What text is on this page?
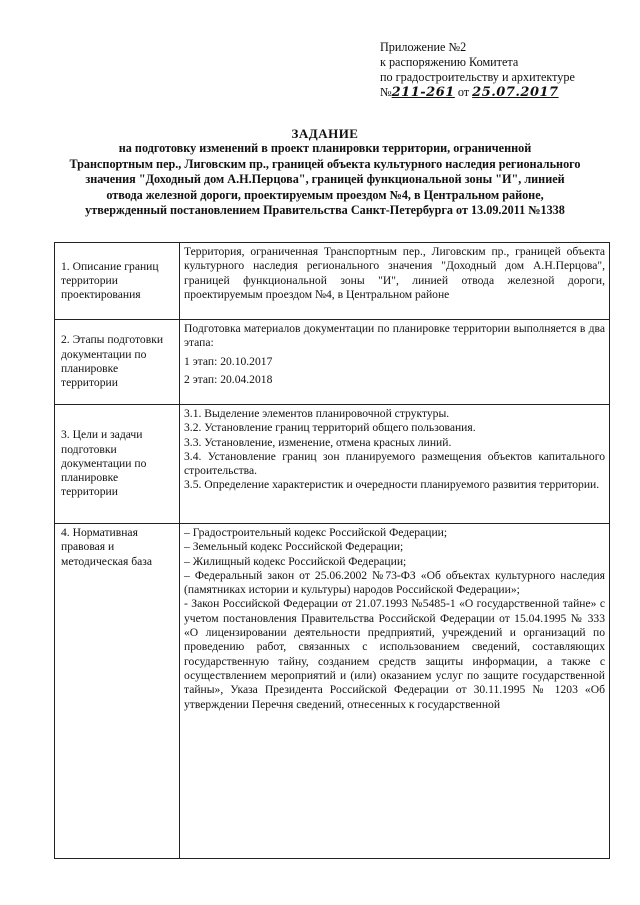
Приложение №2
к распоряжению Комитета
по градостроительству и архитектуре
№211-261 от 25.07.2017
ЗАДАНИЕ
на подготовку изменений в проект планировки территории, ограниченной
Транспортным пер., Лиговским пр., границей объекта культурного наследия регионального
значения "Доходный дом А.Н.Перцова", границей функциональной зоны "И", линией
отвода железной дороги, проектируемым проездом №4, в Центральном районе,
утвержденный постановлением Правительства Санкт-Петербурга от 13.09.2011 №1338
1. Описание границ территории проектирования	Территория, ограниченная Транспортным пер., Лиговским пр., границей объекта культурного наследия регионального значения "Доходный дом А.Н.Перцова", границей функциональной зоны "И", линией отвода железной дороги, проектируемым проездом №4, в Центральном районе
2. Этапы подготовки документации по планировке территории	Подготовка материалов документации по планировке территории выполняется в два этапа:

1 этап: 20.10.2017

2 этап: 20.04.2018

3. Цели и задачи подготовки документации по планировке территории	3.1. Выделение элементов планировочной структуры.

3.2. Установление границ территорий общего пользования.

3.3. Установление, изменение, отмена красных линий.

3.4. Установление границ зон планируемого размещения объектов капитального строительства.

3.5. Определение характеристик и очередности планируемого развития территории.

4. Нормативная правовая и методическая база	– Градостроительный кодекс Российской Федерации;

– Земельный кодекс Российской Федерации;

– Жилищный кодекс Российской Федерации;

– Федеральный закон от 25.06.2002 №73-ФЗ «Об объектах культурного наследия (памятниках истории и культуры) народов Российской Федерации»;

- Закон Российской Федерации от 21.07.1993 №5485-1 «О государственной тайне» с учетом постановления Правительства Российской Федерации от 15.04.1995 № 333 «О лицензировании деятельности предприятий, учреждений и организаций по проведению работ, связанных с использованием сведений, составляющих государственную тайну, созданием средств защиты информации, а также с осуществлением мероприятий и (или) оказанием услуг по защите государственной тайны», Указа Президента Российской Федерации от 30.11.1995 № 1203 «Об утверждении Перечня сведений, отнесенных к государственной
